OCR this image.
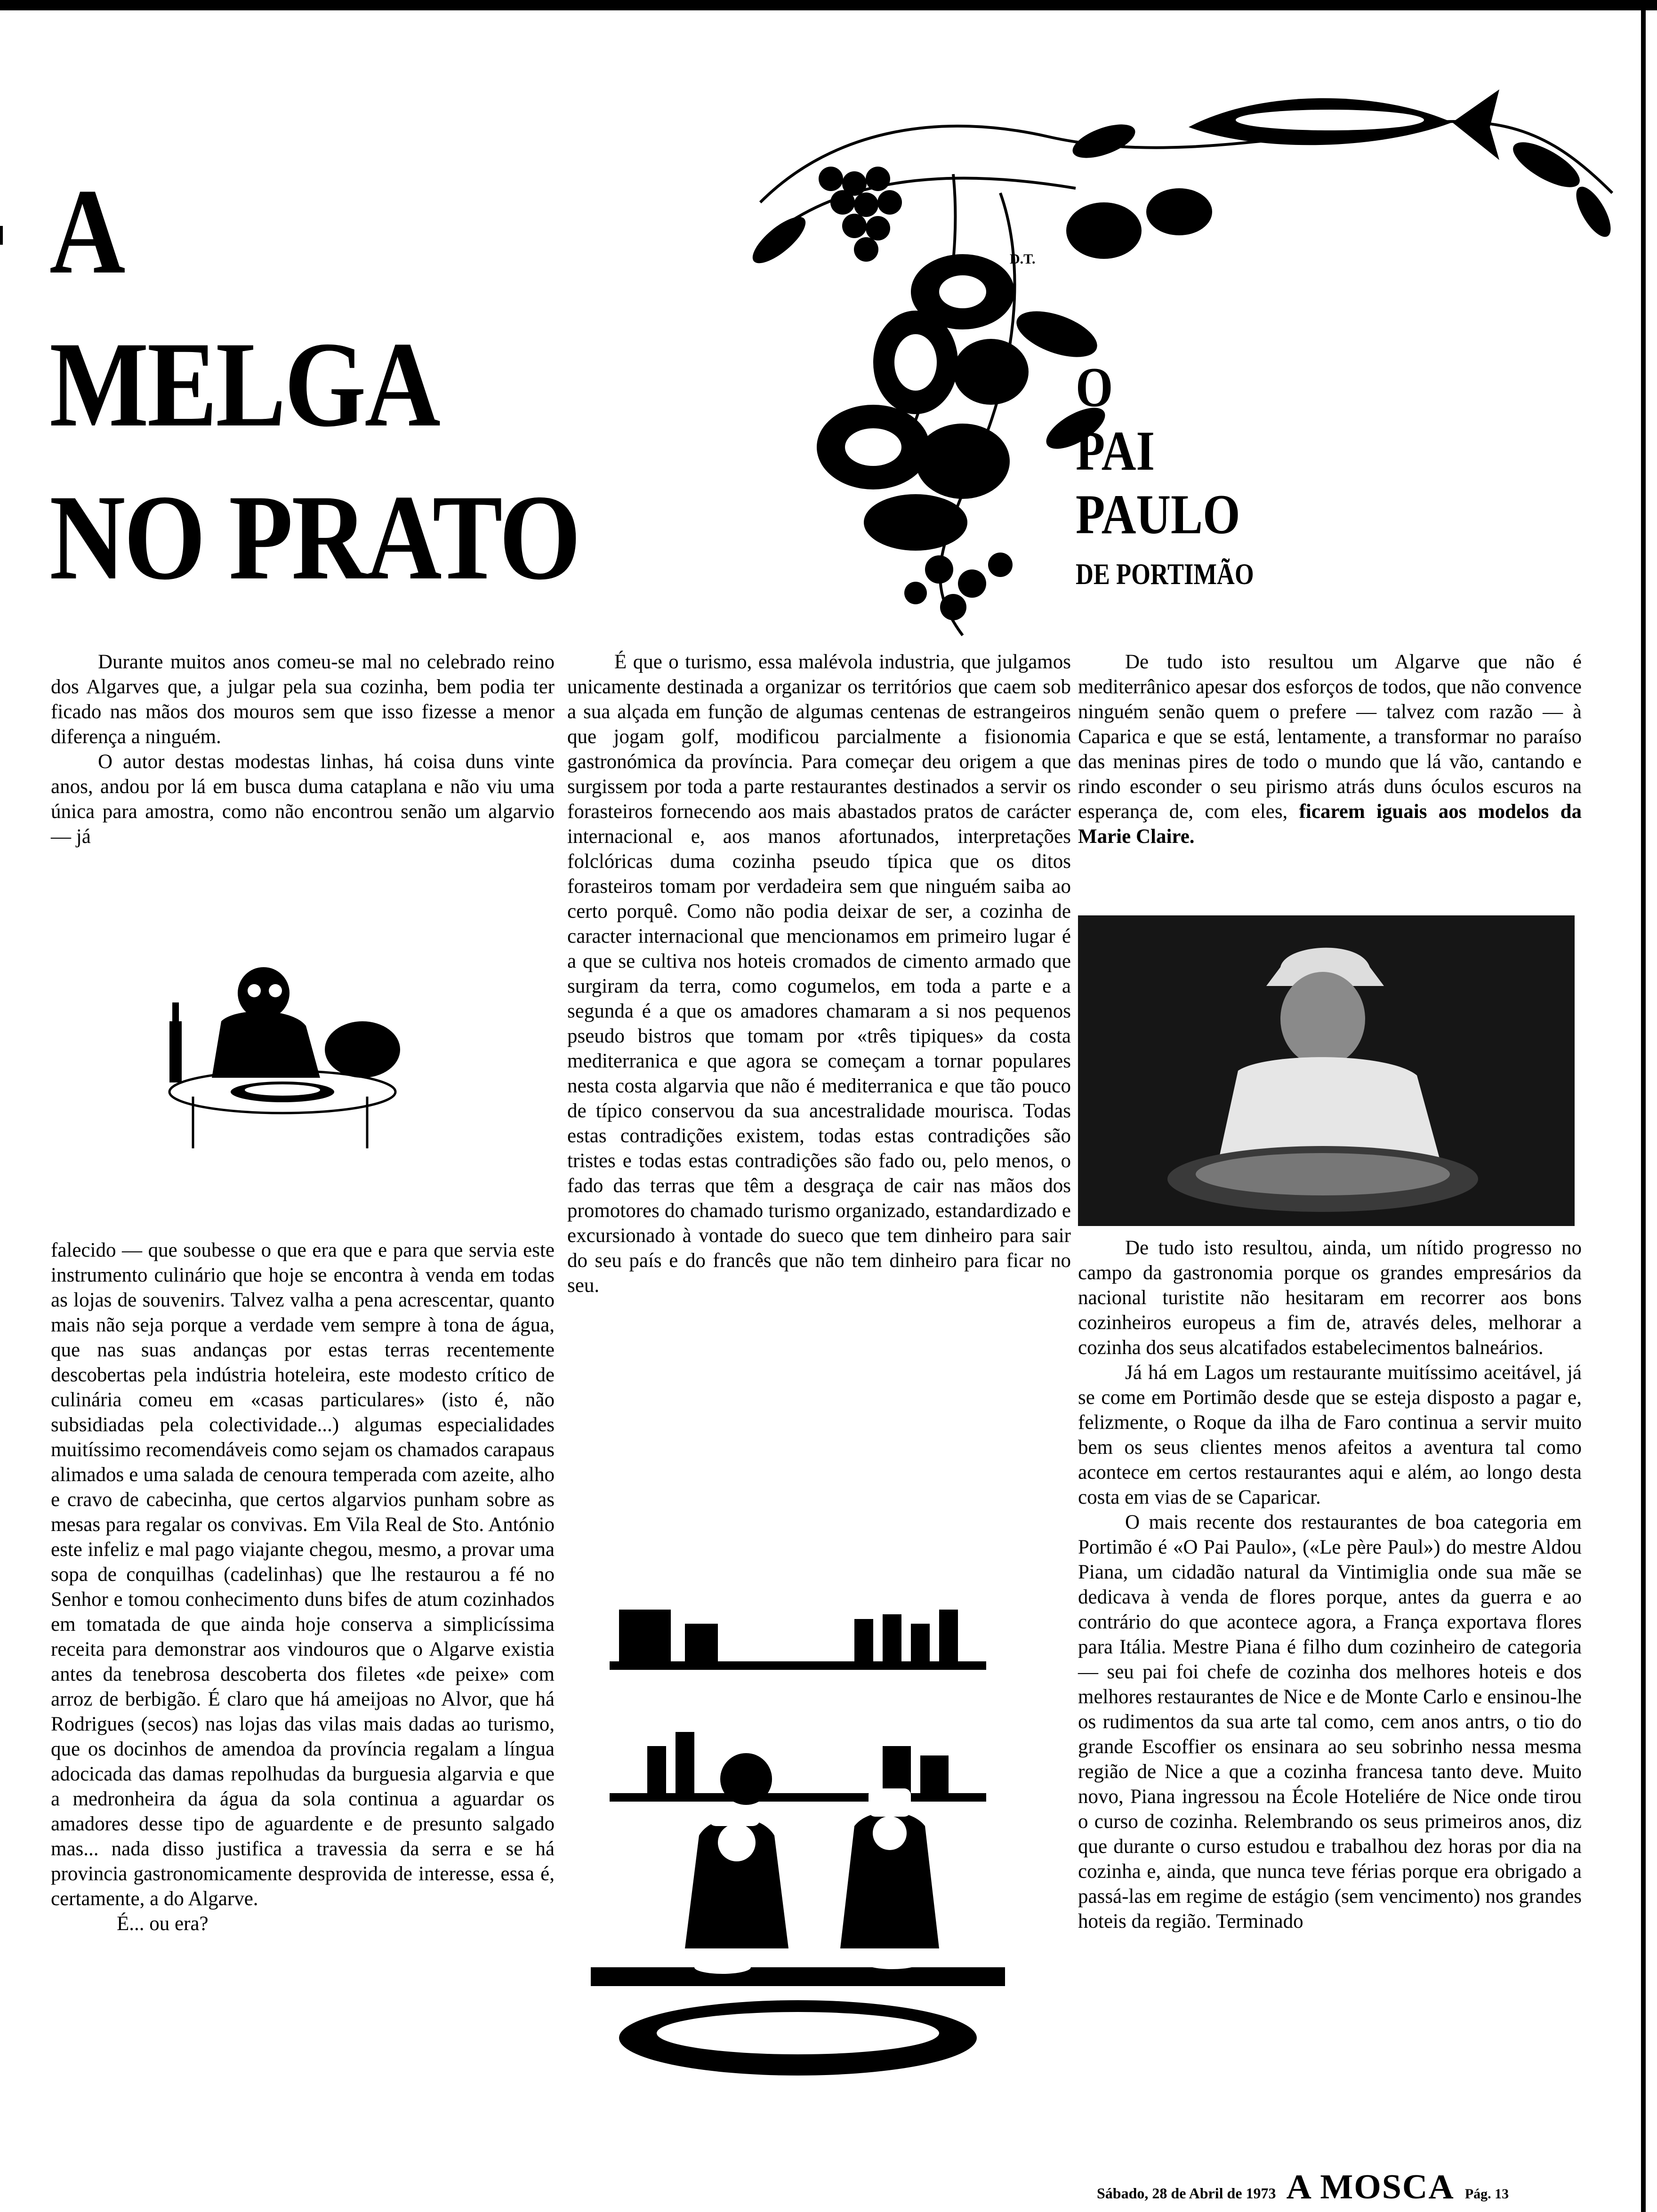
A
MELGA
NO PRATO
D.T.
O
PAI
PAULO
DE PORTIMÃO

Durante muitos anos comeu-se mal no celebrado reino dos Algarves que, a julgar pela sua cozinha, bem podia ter ficado nas mãos dos mouros sem que isso fizesse a menor diferença a ninguém.

O autor destas modestas linhas, há coisa duns vinte anos, andou por lá em busca duma cataplana e não viu uma única para amostra, como não encontrou senão um algarvio — já

falecido — que soubesse o que era que e para que servia este instrumento culinário que hoje se encontra à venda em todas as lojas de souvenirs. Talvez valha a pena acrescentar, quanto mais não seja porque a verdade vem sempre à tona de água, que nas suas andanças por estas terras recentemente descobertas pela indústria hoteleira, este modesto crítico de culinária comeu em «casas particulares» (isto é, não subsidiadas pela colectividade...) algumas especialidades muitíssimo recomendáveis como sejam os chamados carapaus alimados e uma salada de cenoura temperada com azeite, alho e cravo de cabecinha, que certos algarvios punham sobre as mesas para regalar os convivas. Em Vila Real de Sto. António este infeliz e mal pago viajante chegou, mesmo, a provar uma sopa de conquilhas (cadelinhas) que lhe restaurou a fé no Senhor e tomou conhecimento duns bifes de atum cozinhados em tomatada de que ainda hoje conserva a simplicíssima receita para demonstrar aos vindouros que o Algarve existia antes da tenebrosa descoberta dos filetes «de peixe» com arroz de berbigão. É claro que há ameijoas no Alvor, que há Rodrigues (secos) nas lojas das vilas mais dadas ao turismo, que os docinhos de amendoa da província regalam a língua adocicada das damas repolhudas da burguesia algarvia e que a medronheira da água da sola continua a aguardar os amadores desse tipo de aguardente e de presunto salgado mas... nada disso justifica a travessia da serra e se há provincia gastronomicamente desprovida de interesse, essa é, certamente, a do Algarve.

É... ou era?

É que o turismo, essa malévola industria, que julgamos unicamente destinada a organizar os territórios que caem sob a sua alçada em função de algumas centenas de estrangeiros que jogam golf, modificou parcialmente a fisionomia gastronómica da província. Para começar deu origem a que surgissem por toda a parte restaurantes destinados a servir os forasteiros fornecendo aos mais abastados pratos de carácter internacional e, aos manos afortunados, interpretações folclóricas duma cozinha pseudo típica que os ditos forasteiros tomam por verdadeira sem que ninguém saiba ao certo porquê. Como não podia deixar de ser, a cozinha de caracter internacional que mencionamos em primeiro lugar é a que se cultiva nos hoteis cromados de cimento armado que surgiram da terra, como cogumelos, em toda a parte e a segunda é a que os amadores chamaram a si nos pequenos pseudo bistros que tomam por «três tipiques» da costa mediterranica e que agora se começam a tornar populares nesta costa algarvia que não é mediterranica e que tão pouco de típico conservou da sua ancestralidade mourisca. Todas estas contradições existem, todas estas contradições são tristes e todas estas contradições são fado ou, pelo menos, o fado das terras que têm a desgraça de cair nas mãos dos promotores do chamado turismo organizado, estandardizado e excursionado à vontade do sueco que tem dinheiro para sair do seu país e do francês que não tem dinheiro para ficar no seu.

De tudo isto resultou um Algarve que não é mediterrânico apesar dos esforços de todos, que não convence ninguém senão quem o prefere — talvez com razão — à Caparica e que se está, lentamente, a transformar no paraíso das meninas pires de todo o mundo que lá vão, cantando e rindo esconder o seu pirismo atrás duns óculos escuros na esperança de, com eles, ficarem iguais aos modelos da Marie Claire.

De tudo isto resultou, ainda, um nítido progresso no campo da gastronomia porque os grandes empresários da nacional turistite não hesitaram em recorrer aos bons cozinheiros europeus a fim de, através deles, melhorar a cozinha dos seus alcatifados estabelecimentos balneários.

Já há em Lagos um restaurante muitíssimo aceitável, já se come em Portimão desde que se esteja disposto a pagar e, felizmente, o Roque da ilha de Faro continua a servir muito bem os seus clientes menos afeitos a aventura tal como acontece em certos restaurantes aqui e além, ao longo desta costa em vias de se Caparicar.

O mais recente dos restaurantes de boa categoria em Portimão é «O Pai Paulo», («Le père Paul») do mestre Aldou Piana, um cidadão natural da Vintimiglia onde sua mãe se dedicava à venda de flores porque, antes da guerra e ao contrário do que acontece agora, a França exportava flores para Itália. Mestre Piana é filho dum cozinheiro de categoria — seu pai foi chefe de cozinha dos melhores hoteis e dos melhores restaurantes de Nice e de Monte Carlo e ensinou-lhe os rudimentos da sua arte tal como, cem anos antrs, o tio do grande Escoffier os ensinara ao seu sobrinho nessa mesma região de Nice a que a cozinha francesa tanto deve. Muito novo, Piana ingressou na École Hoteliére de Nice onde tirou o curso de cozinha. Relembrando os seus primeiros anos, diz que durante o curso estudou e trabalhou dez horas por dia na cozinha e, ainda, que nunca teve férias porque era obrigado a passá-las em regime de estágio (sem vencimento) nos grandes hoteis da região. Terminado

Sábado, 28 de Abril de 1973 A MOSCA Pág. 13
